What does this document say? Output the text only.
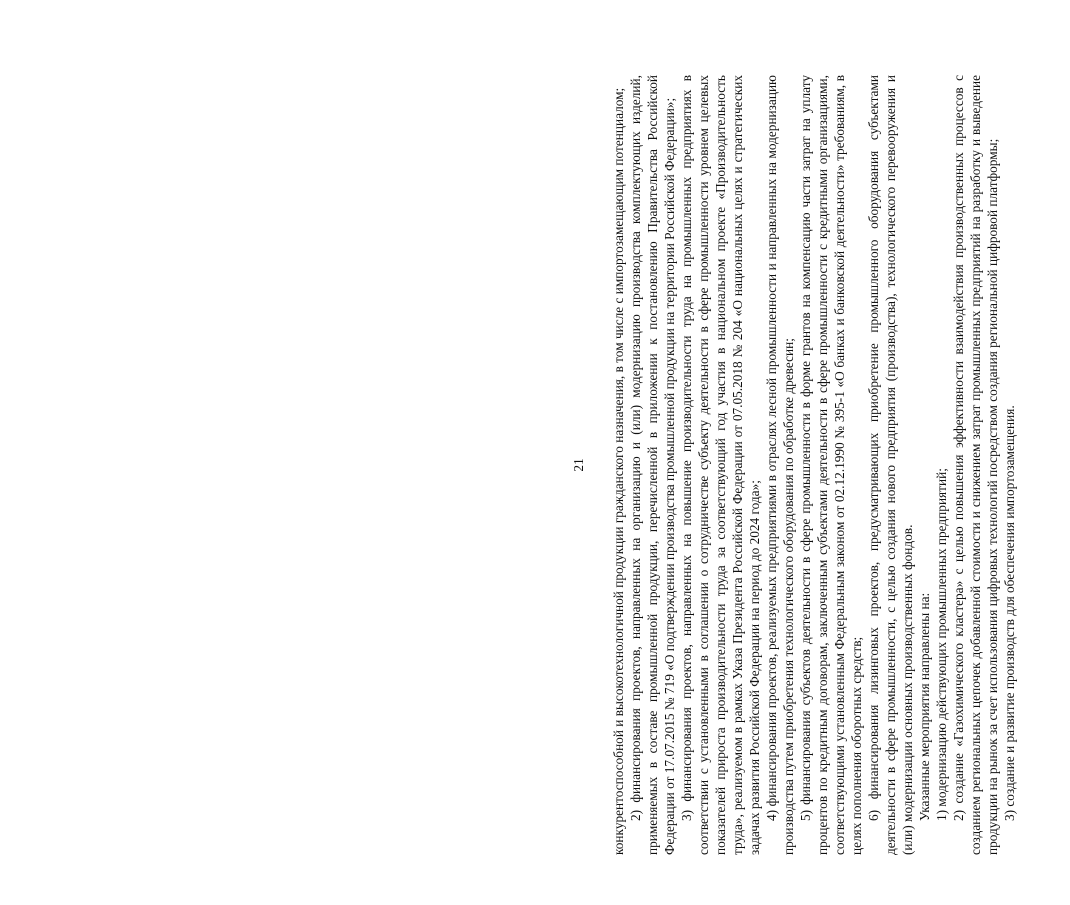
21 конкурентоспособной и высокотехнологичной продукции гражданского назначения, в том числе с импортозамещающим потенциалом; 2) финансирования проектов, направленных на организацию и (или) модернизацию производства комплектующих изделий, применяемых в составе промышленной продукции, перечисленной в приложении к постановлению Правительства Российской Федерации от 17.07.2015 № 719 «О подтверждении производства промышленной продукции на территории Российской Федерации»; 3) финансирования проектов, направленных на повышение производительности труда на промышленных предприятиях в соответствии с установленными в соглашении о сотрудничестве субъекту деятельности в сфере промышленности уровнем целевых показателей прироста производительности труда за соответствующий год участия в национальном проекте «Производительность труда», реализуемом в рамках Указа Президента Российской Федерации от 07.05.2018 № 204 «О национальных целях и стратегических задачах развития Российской Федерации на период до 2024 года»; 4) финансирования проектов, реализуемых предприятиями в отраслях лесной промышленности и направленных на модернизацию производства путем приобретения технологического оборудования по обработке древесин; 5) финансирования субъектов деятельности в сфере промышленности в форме грантов на компенсацию части затрат на уплату процентов по кредитным договорам, заключенным субъектами деятельности в сфере промышленности с кредитными организациями, соответствующими установленным Федеральным законом от 02.12.1990 № 395-1 «О банках и банковской деятельности» требованиям, в целях пополнения оборотных средств; 6) финансирования лизинговых проектов, предусматривающих приобретение промышленного оборудования субъектами деятельности в сфере промышленности, с целью создания нового предприятия (производства), технологического перевооружения и (или) модернизации основных производственных фондов. Указанные мероприятия направлены на: 1) модернизацию действующих промышленных предприятий; 2) создание «Газохимического кластера» с целью повышения эффективности взаимодействия производственных процессов с созданием региональных цепочек добавленной стоимости и снижением затрат промышленных предприятий на разработку и выведение продукции на рынок за счет использования цифровых технологий посредством создания региональной цифровой платформы; 3) создание и развитие производств для обеспечения импортозамещения.
